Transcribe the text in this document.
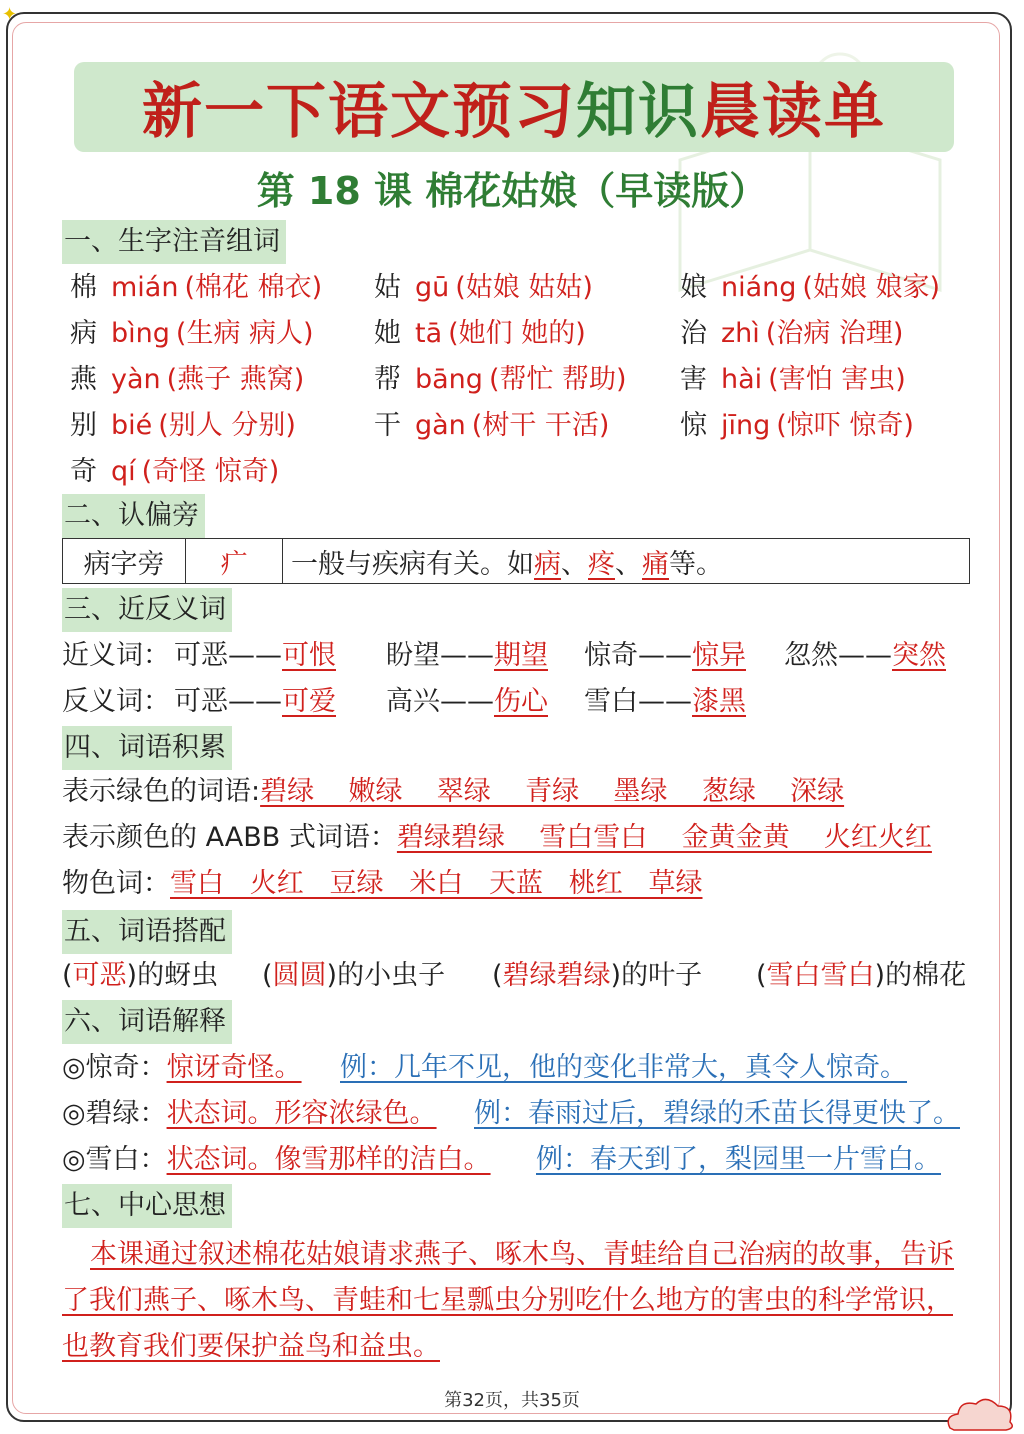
✦
新一下语文预习 知识 晨读单
第 18 课 棉花姑娘（早读版）
一、生字注音组词
棉 mián (棉花 棉衣) 姑 gū (姑娘 姑姑)	娘 niáng (姑娘 娘家)
病 bìng (生病 病人) 她 tā (她们 她的)	治 zhì (治病 治理)
燕 yàn (燕子 燕窝)	帮 bāng (帮忙 帮助) 害 hài (害怕 害虫)
别 bié (别人 分别)	干 gàn (树干 干活)	惊 jīng (惊吓 惊奇)
奇 qí (奇怪 惊奇)
二、认偏旁
病字旁	疒	一般与疾病有关。如 病 、 疼 、 痛 等。
三、近反义词
近义词： 可恶——可恨 盼望——期望 惊奇——惊异 忽然——突然
反义词： 可恶——可爱 高兴——伤心 雪白——漆黑
四、词语积累
表示绿色的词语:碧绿    嫩绿    翠绿    青绿    墨绿    葱绿    深绿
表示颜色的 AABB 式词语：碧绿碧绿    雪白雪白    金黄金黄    火红火红
物色词：雪白   火红   豆绿   米白   天蓝   桃红   草绿
五、词语搭配
(可恶)的蚜虫 (圆圆)的小虫子 (碧绿碧绿)的叶子 (雪白雪白)的棉花
六、词语解释
◎惊奇：惊讶奇怪。 例：几年不见，他的变化非常大，真令人惊奇。
◎碧绿：状态词。形容浓绿色。 例：春雨过后，碧绿的禾苗长得更快了。
◎雪白：状态词。像雪那样的洁白。 例：春天到了，梨园里一片雪白。
七、中心思想
本课通过叙述棉花姑娘请求燕子、啄木鸟、青蛙给自己治病的故事，告诉了我们燕子、啄木鸟、青蛙和七星瓢虫分别吃什么地方的害虫的科学常识，也教育我们要保护益鸟和益虫。
第32页，共35页
